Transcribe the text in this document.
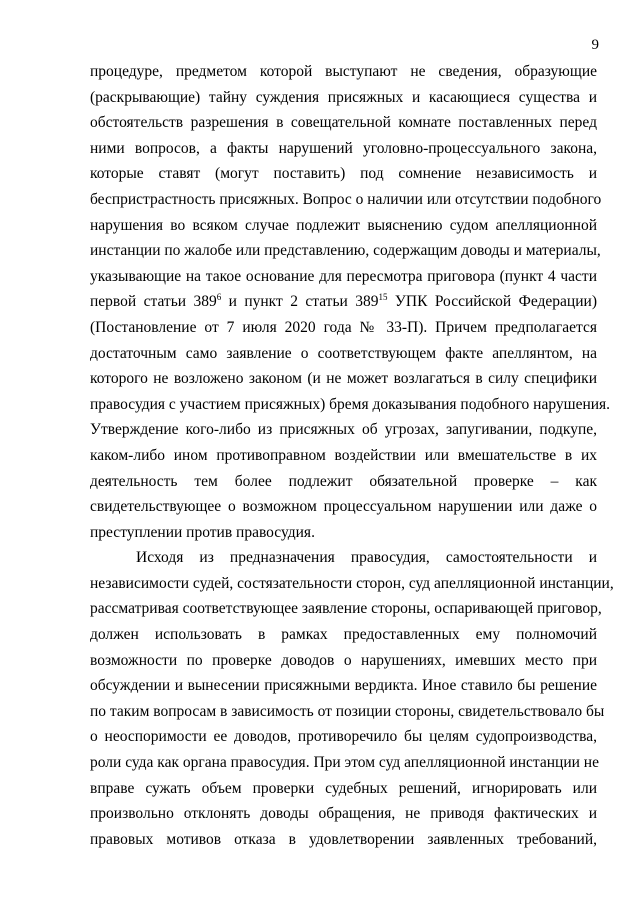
9
процедуре, предметом которой выступают не сведения, образующие
(раскрывающие) тайну суждения присяжных и касающиеся существа и
обстоятельств разрешения в совещательной комнате поставленных перед
ними вопросов, а факты нарушений уголовно-процессуального закона,
которые ставят (могут поставить) под сомнение независимость и
беспристрастность присяжных. Вопрос о наличии или отсутствии подобного
нарушения во всяком случае подлежит выяснению судом апелляционной
инстанции по жалобе или представлению, содержащим доводы и материалы,
указывающие на такое основание для пересмотра приговора (пункт 4 части
первой статьи $389^6$ и пункт 2 статьи $389^{15}$ УПК Российской Федерации)
(Постановление от 7 июля 2020 года № 33-П). Причем предполагается
достаточным само заявление о соответствующем факте апеллянтом, на
которого не возложено законом (и не может возлагаться в силу специфики
правосудия с участием присяжных) бремя доказывания подобного нарушения.
Утверждение кого-либо из присяжных об угрозах, запугивании, подкупе,
каком-либо ином противоправном воздействии или вмешательстве в их
деятельность тем более подлежит обязательной проверке – как
свидетельствующее о возможном процессуальном нарушении или даже о
преступлении против правосудия.
Исходя из предназначения правосудия, самостоятельности и
независимости судей, состязательности сторон, суд апелляционной инстанции,
рассматривая соответствующее заявление стороны, оспаривающей приговор,
должен использовать в рамках предоставленных ему полномочий
возможности по проверке доводов о нарушениях, имевших место при
обсуждении и вынесении присяжными вердикта. Иное ставило бы решение
по таким вопросам в зависимость от позиции стороны, свидетельствовало бы
о неоспоримости ее доводов, противоречило бы целям судопроизводства,
роли суда как органа правосудия. При этом суд апелляционной инстанции не
вправе сужать объем проверки судебных решений, игнорировать или
произвольно отклонять доводы обращения, не приводя фактических и
правовых мотивов отказа в удовлетворении заявленных требований,
